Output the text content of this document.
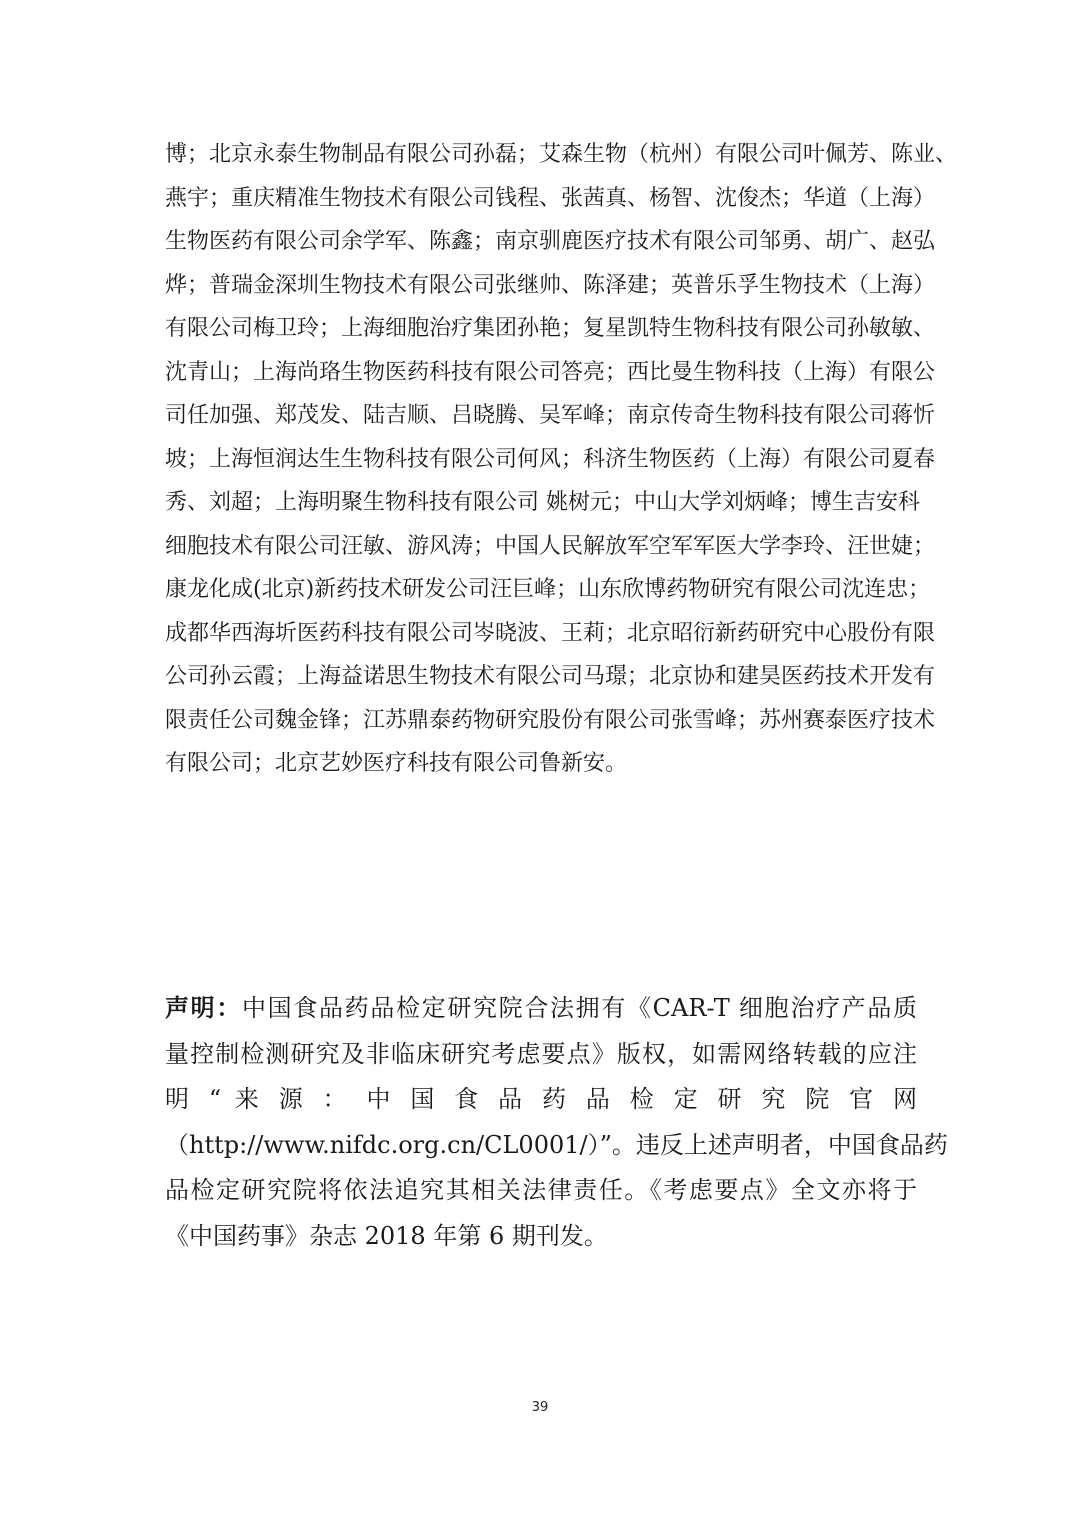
博；北京永泰生物制品有限公司孙磊；艾森生物（杭州）有限公司叶佩芳、陈业、
燕宇；重庆精准生物技术有限公司钱程、张茜真、杨智、沈俊杰；华道（上海）
生物医药有限公司余学军、陈鑫；南京驯鹿医疗技术有限公司邹勇、胡广、赵弘
烨；普瑞金深圳生物技术有限公司张继帅、陈泽建；英普乐孚生物技术（上海）
有限公司梅卫玲；上海细胞治疗集团孙艳；复星凯特生物科技有限公司孙敏敏、
沈青山；上海尚珞生物医药科技有限公司答亮；西比曼生物科技（上海）有限公
司任加强、郑茂发、陆吉顺、吕晓腾、吴军峰；南京传奇生物科技有限公司蒋忻
坡；上海恒润达生生物科技有限公司何风；科济生物医药（上海）有限公司夏春
秀、刘超；上海明聚生物科技有限公司 姚树元；中山大学刘炳峰；博生吉安科
细胞技术有限公司汪敏、游风涛；中国人民解放军空军军医大学李玲、汪世婕；
康龙化成(北京)新药技术研发公司汪巨峰；山东欣博药物研究有限公司沈连忠；
成都华西海圻医药科技有限公司岑晓波、王莉；北京昭衍新药研究中心股份有限
公司孙云霞；上海益诺思生物技术有限公司马璟；北京协和建昊医药技术开发有
限责任公司魏金锋；江苏鼎泰药物研究股份有限公司张雪峰；苏州赛泰医疗技术
有限公司；北京艺妙医疗科技有限公司鲁新安。
声明：中国食品药品检定研究院合法拥有《CAR-T 细胞治疗产品质
量控制检测研究及非临床研究考虑要点》版权，如需网络转载的应注
明 “ 来 源 ： 中 国 食 品 药 品 检 定 研 究 院 官 网
（http://www.nifdc.org.cn/CL0001/）”。违反上述声明者，中国食品药
品检定研究院将依法追究其相关法律责任。《考虑要点》全文亦将于
《中国药事》杂志 2018 年第 6 期刊发。
39
